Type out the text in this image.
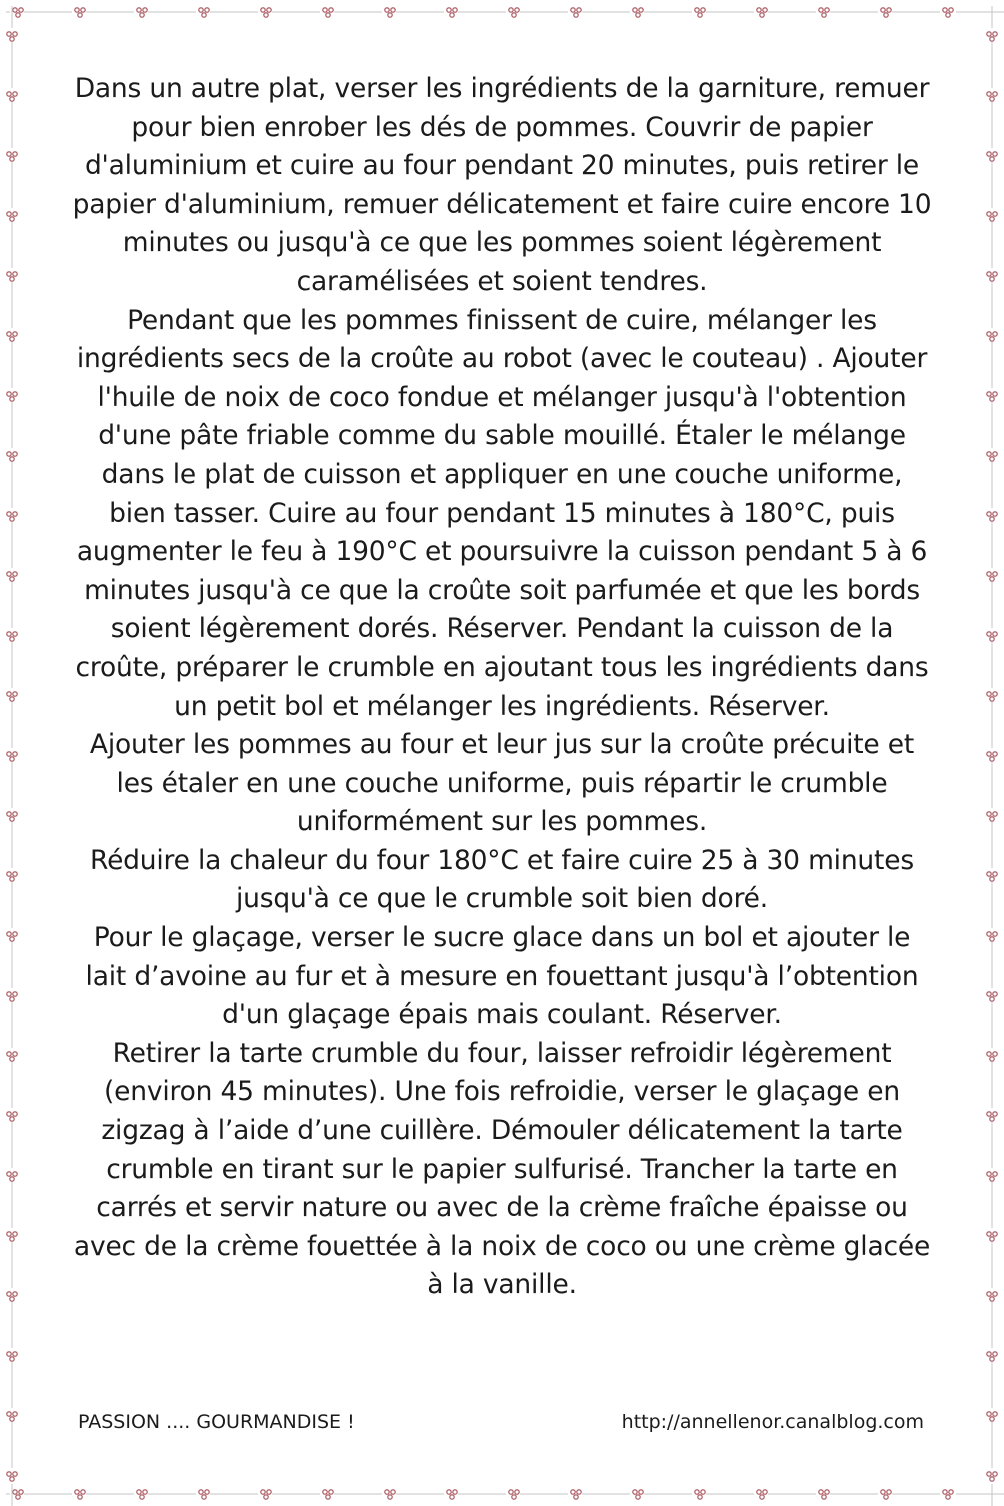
Dans un autre plat, verser les ingrédients de la garniture, remuer pour bien enrober les dés de pommes. Couvrir de papier d'aluminium et cuire au four pendant 20 minutes, puis retirer le papier d'aluminium, remuer délicatement et faire cuire encore 10 minutes ou jusqu'à ce que les pommes soient légèrement caramélisées et soient tendres.

Pendant que les pommes finissent de cuire, mélanger les ingrédients secs de la croûte au robot (avec le couteau) . Ajouter l'huile de noix de coco fondue et mélanger jusqu'à l'obtention d'une pâte friable comme du sable mouillé. Étaler le mélange dans le plat de cuisson et appliquer en une couche uniforme, bien tasser. Cuire au four pendant 15 minutes à 180°C, puis augmenter le feu à 190°C et poursuivre la cuisson pendant 5 à 6 minutes jusqu'à ce que la croûte soit parfumée et que les bords soient légèrement dorés. Réserver. Pendant la cuisson de la croûte, préparer le crumble en ajoutant tous les ingrédients dans un petit bol et mélanger les ingrédients. Réserver.

Ajouter les pommes au four et leur jus sur la croûte précuite et les étaler en une couche uniforme, puis répartir le crumble uniformément sur les pommes.

Réduire la chaleur du four 180°C et faire cuire 25 à 30 minutes jusqu'à ce que le crumble soit bien doré.

Pour le glaçage, verser le sucre glace dans un bol et ajouter le lait d’avoine au fur et à mesure en fouettant jusqu'à l’obtention d'un glaçage épais mais coulant. Réserver.

Retirer la tarte crumble du four, laisser refroidir légèrement (environ 45 minutes). Une fois refroidie, verser le glaçage en zigzag à l’aide d’une cuillère. Démouler délicatement la tarte crumble en tirant sur le papier sulfurisé. Trancher la tarte en carrés et servir nature ou avec de la crème fraîche épaisse ou avec de la crème fouettée à la noix de coco ou une crème glacée à la vanille.

PASSION .... GOURMANDISE !	http://annellenor.canalblog.com
